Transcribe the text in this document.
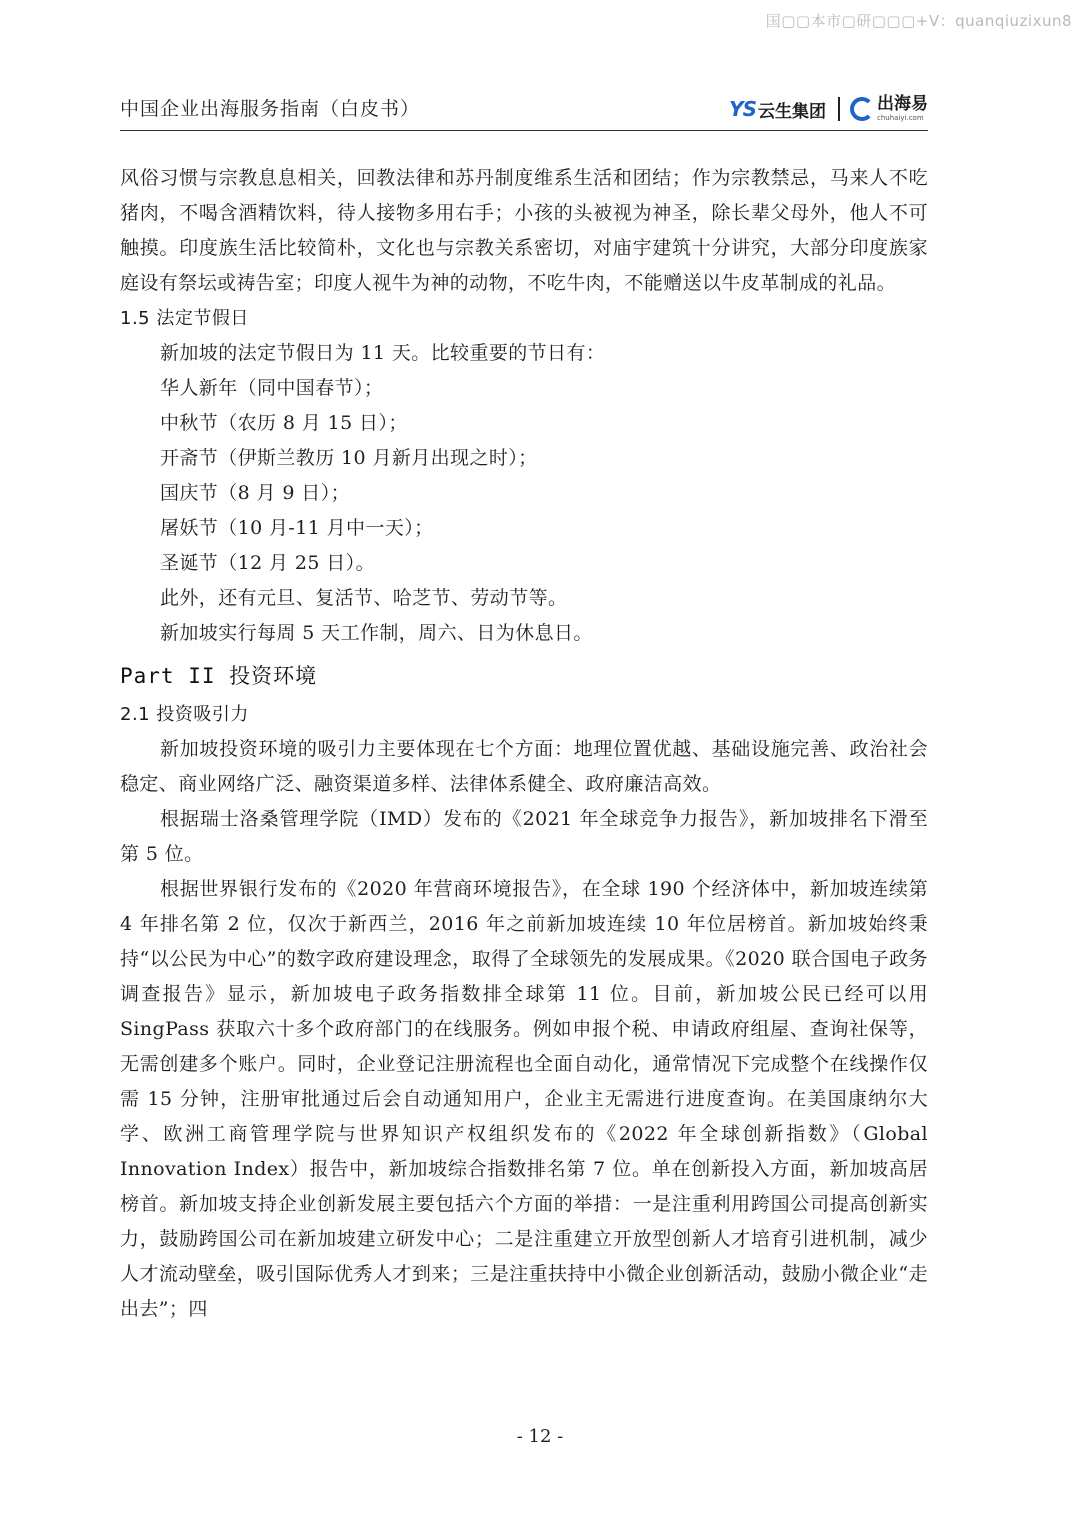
国▢▢本市▢研▢▢▢+V：quanqiuzixun8
中国企业出海服务指南（白皮书）	YS 云生集团	出海易
chuhaiyi.com

风俗习惯与宗教息息相关，回教法律和苏丹制度维系生活和团结；作为宗教禁忌，马来人不吃猪肉，不喝含酒精饮料，待人接物多用右手；小孩的头被视为神圣，除长辈父母外，他人不可触摸。印度族生活比较简朴，文化也与宗教关系密切，对庙宇建筑十分讲究，大部分印度族家庭设有祭坛或祷告室；印度人视牛为神的动物，不吃牛肉，不能赠送以牛皮革制成的礼品。

1.5 法定节假日

新加坡的法定节假日为 11 天。比较重要的节日有：

华人新年（同中国春节）；

中秋节（农历 8 月 15 日）；

开斋节（伊斯兰教历 10 月新月出现之时）；

国庆节（8 月 9 日）；

屠妖节（10 月-11 月中一天）；

圣诞节（12 月 25 日）。

此外，还有元旦、复活节、哈芝节、劳动节等。

新加坡实行每周 5 天工作制，周六、日为休息日。

Part II 投资环境
2.1 投资吸引力

新加坡投资环境的吸引力主要体现在七个方面：地理位置优越、基础设施完善、政治社会稳定、商业网络广泛、融资渠道多样、法律体系健全、政府廉洁高效。

根据瑞士洛桑管理学院（IMD）发布的《2021 年全球竞争力报告》，新加坡排名下滑至第 5 位。

根据世界银行发布的《2020 年营商环境报告》，在全球 190 个经济体中，新加坡连续第 4 年排名第 2 位，仅次于新西兰，2016 年之前新加坡连续 10 年位居榜首。新加坡始终秉持“以公民为中心”的数字政府建设理念，取得了全球领先的发展成果。《2020 联合国电子政务调查报告》显示，新加坡电子政务指数排全球第 11 位。目前，新加坡公民已经可以用 SingPass 获取六十多个政府部门的在线服务。例如申报个税、申请政府组屋、查询社保等，无需创建多个账户。同时，企业登记注册流程也全面自动化，通常情况下完成整个在线操作仅需 15 分钟，注册审批通过后会自动通知用户，企业主无需进行进度查询。在美国康纳尔大学、欧洲工商管理学院与世界知识产权组织发布的《2022 年全球创新指数》（Global Innovation Index）报告中，新加坡综合指数排名第 7 位。单在创新投入方面，新加坡高居榜首。新加坡支持企业创新发展主要包括六个方面的举措：一是注重利用跨国公司提高创新实力，鼓励跨国公司在新加坡建立研发中心；二是注重建立开放型创新人才培育引进机制，减少人才流动壁垒，吸引国际优秀人才到来；三是注重扶持中小微企业创新活动，鼓励小微企业“走出去”；四

- 12 -
